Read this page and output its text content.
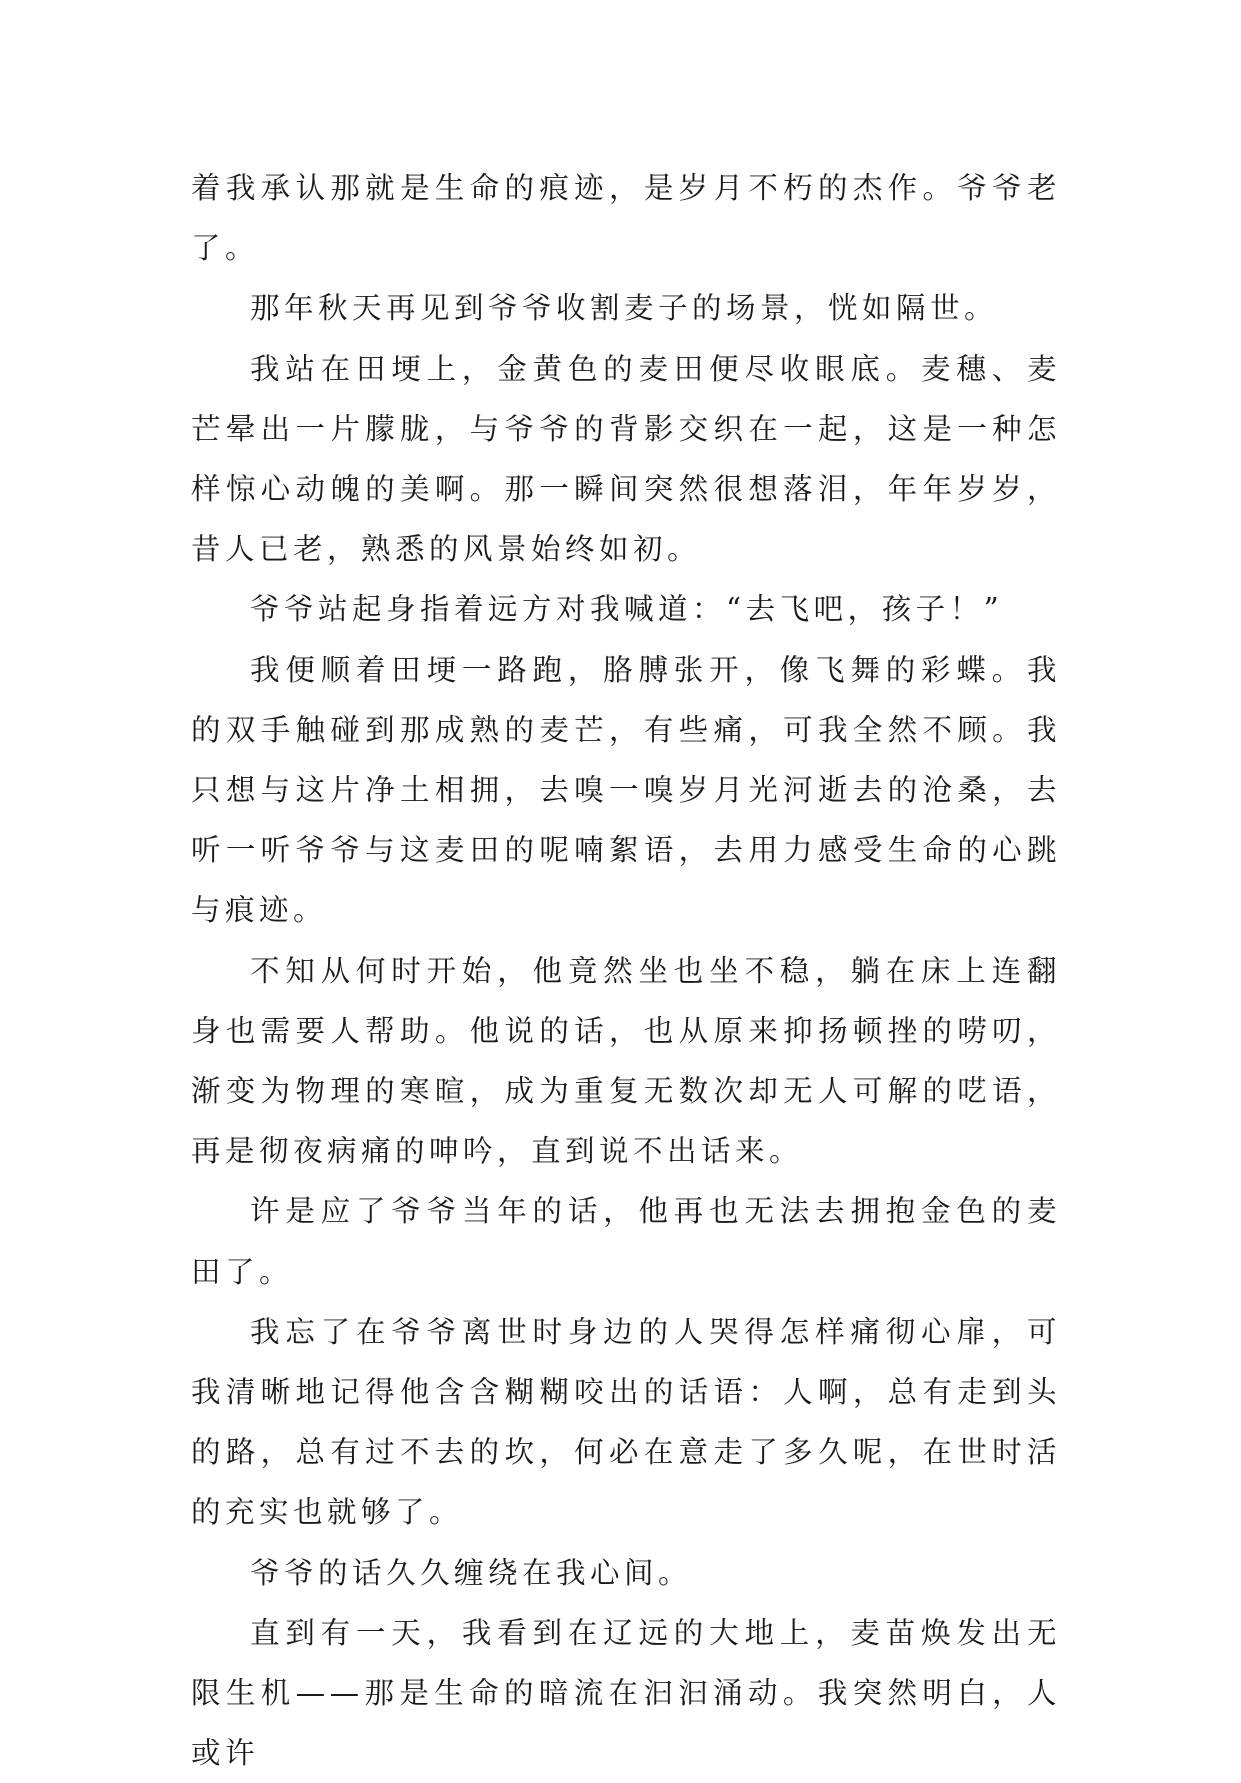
着我承认那就是生命的痕迹，是岁月不朽的杰作。爷爷老了。

那年秋天再见到爷爷收割麦子的场景，恍如隔世。

我站在田埂上，金黄色的麦田便尽收眼底。麦穗、麦芒晕出一片朦胧，与爷爷的背影交织在一起，这是一种怎样惊心动魄的美啊。那一瞬间突然很想落泪，年年岁岁，昔人已老，熟悉的风景始终如初。

爷爷站起身指着远方对我喊道：“去飞吧，孩子！”

我便顺着田埂一路跑，胳膊张开，像飞舞的彩蝶。我的双手触碰到那成熟的麦芒，有些痛，可我全然不顾。我只想与这片净土相拥，去嗅一嗅岁月光河逝去的沧桑，去听一听爷爷与这麦田的呢喃絮语，去用力感受生命的心跳与痕迹。

不知从何时开始，他竟然坐也坐不稳，躺在床上连翻身也需要人帮助。他说的话，也从原来抑扬顿挫的唠叨，渐变为物理的寒暄，成为重复无数次却无人可解的呓语，再是彻夜病痛的呻吟，直到说不出话来。

许是应了爷爷当年的话，他再也无法去拥抱金色的麦田了。

我忘了在爷爷离世时身边的人哭得怎样痛彻心扉，可我清晰地记得他含含糊糊咬出的话语：人啊，总有走到头的路，总有过不去的坎，何必在意走了多久呢，在世时活的充实也就够了。

爷爷的话久久缠绕在我心间。

直到有一天，我看到在辽远的大地上，麦苗焕发出无限生机——那是生命的暗流在汩汩涌动。我突然明白，人或许
